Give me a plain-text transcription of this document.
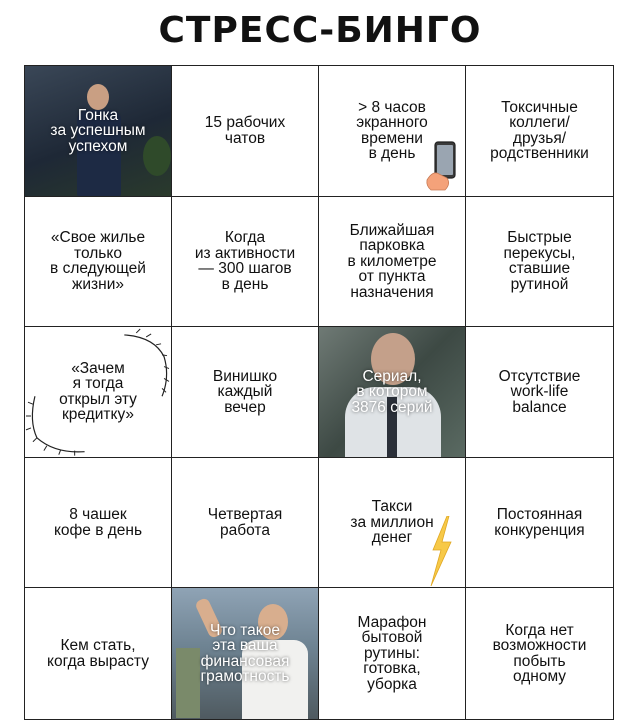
СТРЕСС-БИНГО
Гонка
за успешным
успехом
15 рабочих
чатов
> 8 часов
экранного
времени
в день
Токсичные
коллеги/
друзья/
родственники
«Свое жилье
только
в следующей
жизни»
Когда
из активности
— 300 шагов
в день
Ближайшая
парковка
в километре
от пункта
назначения
Быстрые
перекусы,
ставшие
рутиной
«Зачем
я тогда
открыл эту
кредитку»
Винишко
каждый
вечер
Сериал,
в котором
3876 серий
Отсутствие
work-life
balance
8 чашек
кофе в день
Четвертая
работа
Такси
за миллион
денег
Постоянная
конкуренция
Кем стать,
когда вырасту
Что такое
эта ваша
финансовая
грамотность
Марафон
бытовой
рутины:
готовка,
уборка
Когда нет
возможности
побыть
одному
